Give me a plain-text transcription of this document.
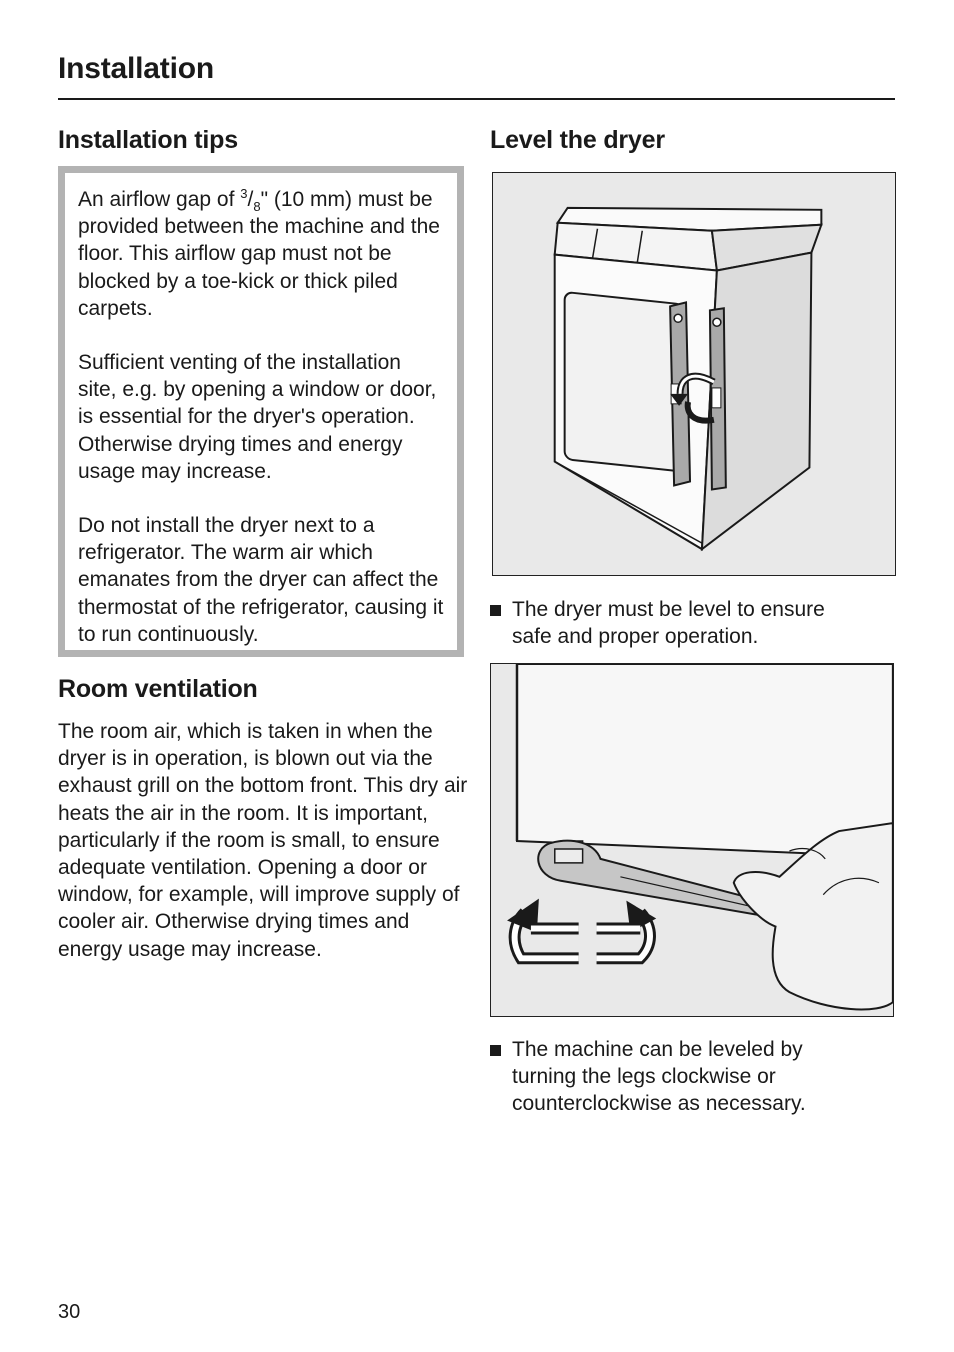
Installation
Installation tips

An airflow gap of $^3/_8$" (10 mm) must be provided between the machine and the floor. This airflow gap must not be blocked by a toe-kick or thick piled carpets.

Sufficient venting of the installation site, e.g. by opening a window or door, is essential for the dryer's operation. Otherwise drying times and energy usage may increase.

Do not install the dryer next to a refrigerator. The warm air which emanates from the dryer can affect the thermostat of the refrigerator, causing it to run continuously.

Room ventilation

The room air, which is taken in when the dryer is in operation, is blown out via the exhaust grill on the bottom front. This dry air heats the air in the room. It is important, particularly if the room is small, to ensure adequate ventilation. Opening a door or window, for example, will improve supply of cooler air. Otherwise drying times and energy usage may increase.

Level the dryer
The dryer must be level to ensure safe and proper operation.
The machine can be leveled by turning the legs clockwise or counterclockwise as necessary.
30
